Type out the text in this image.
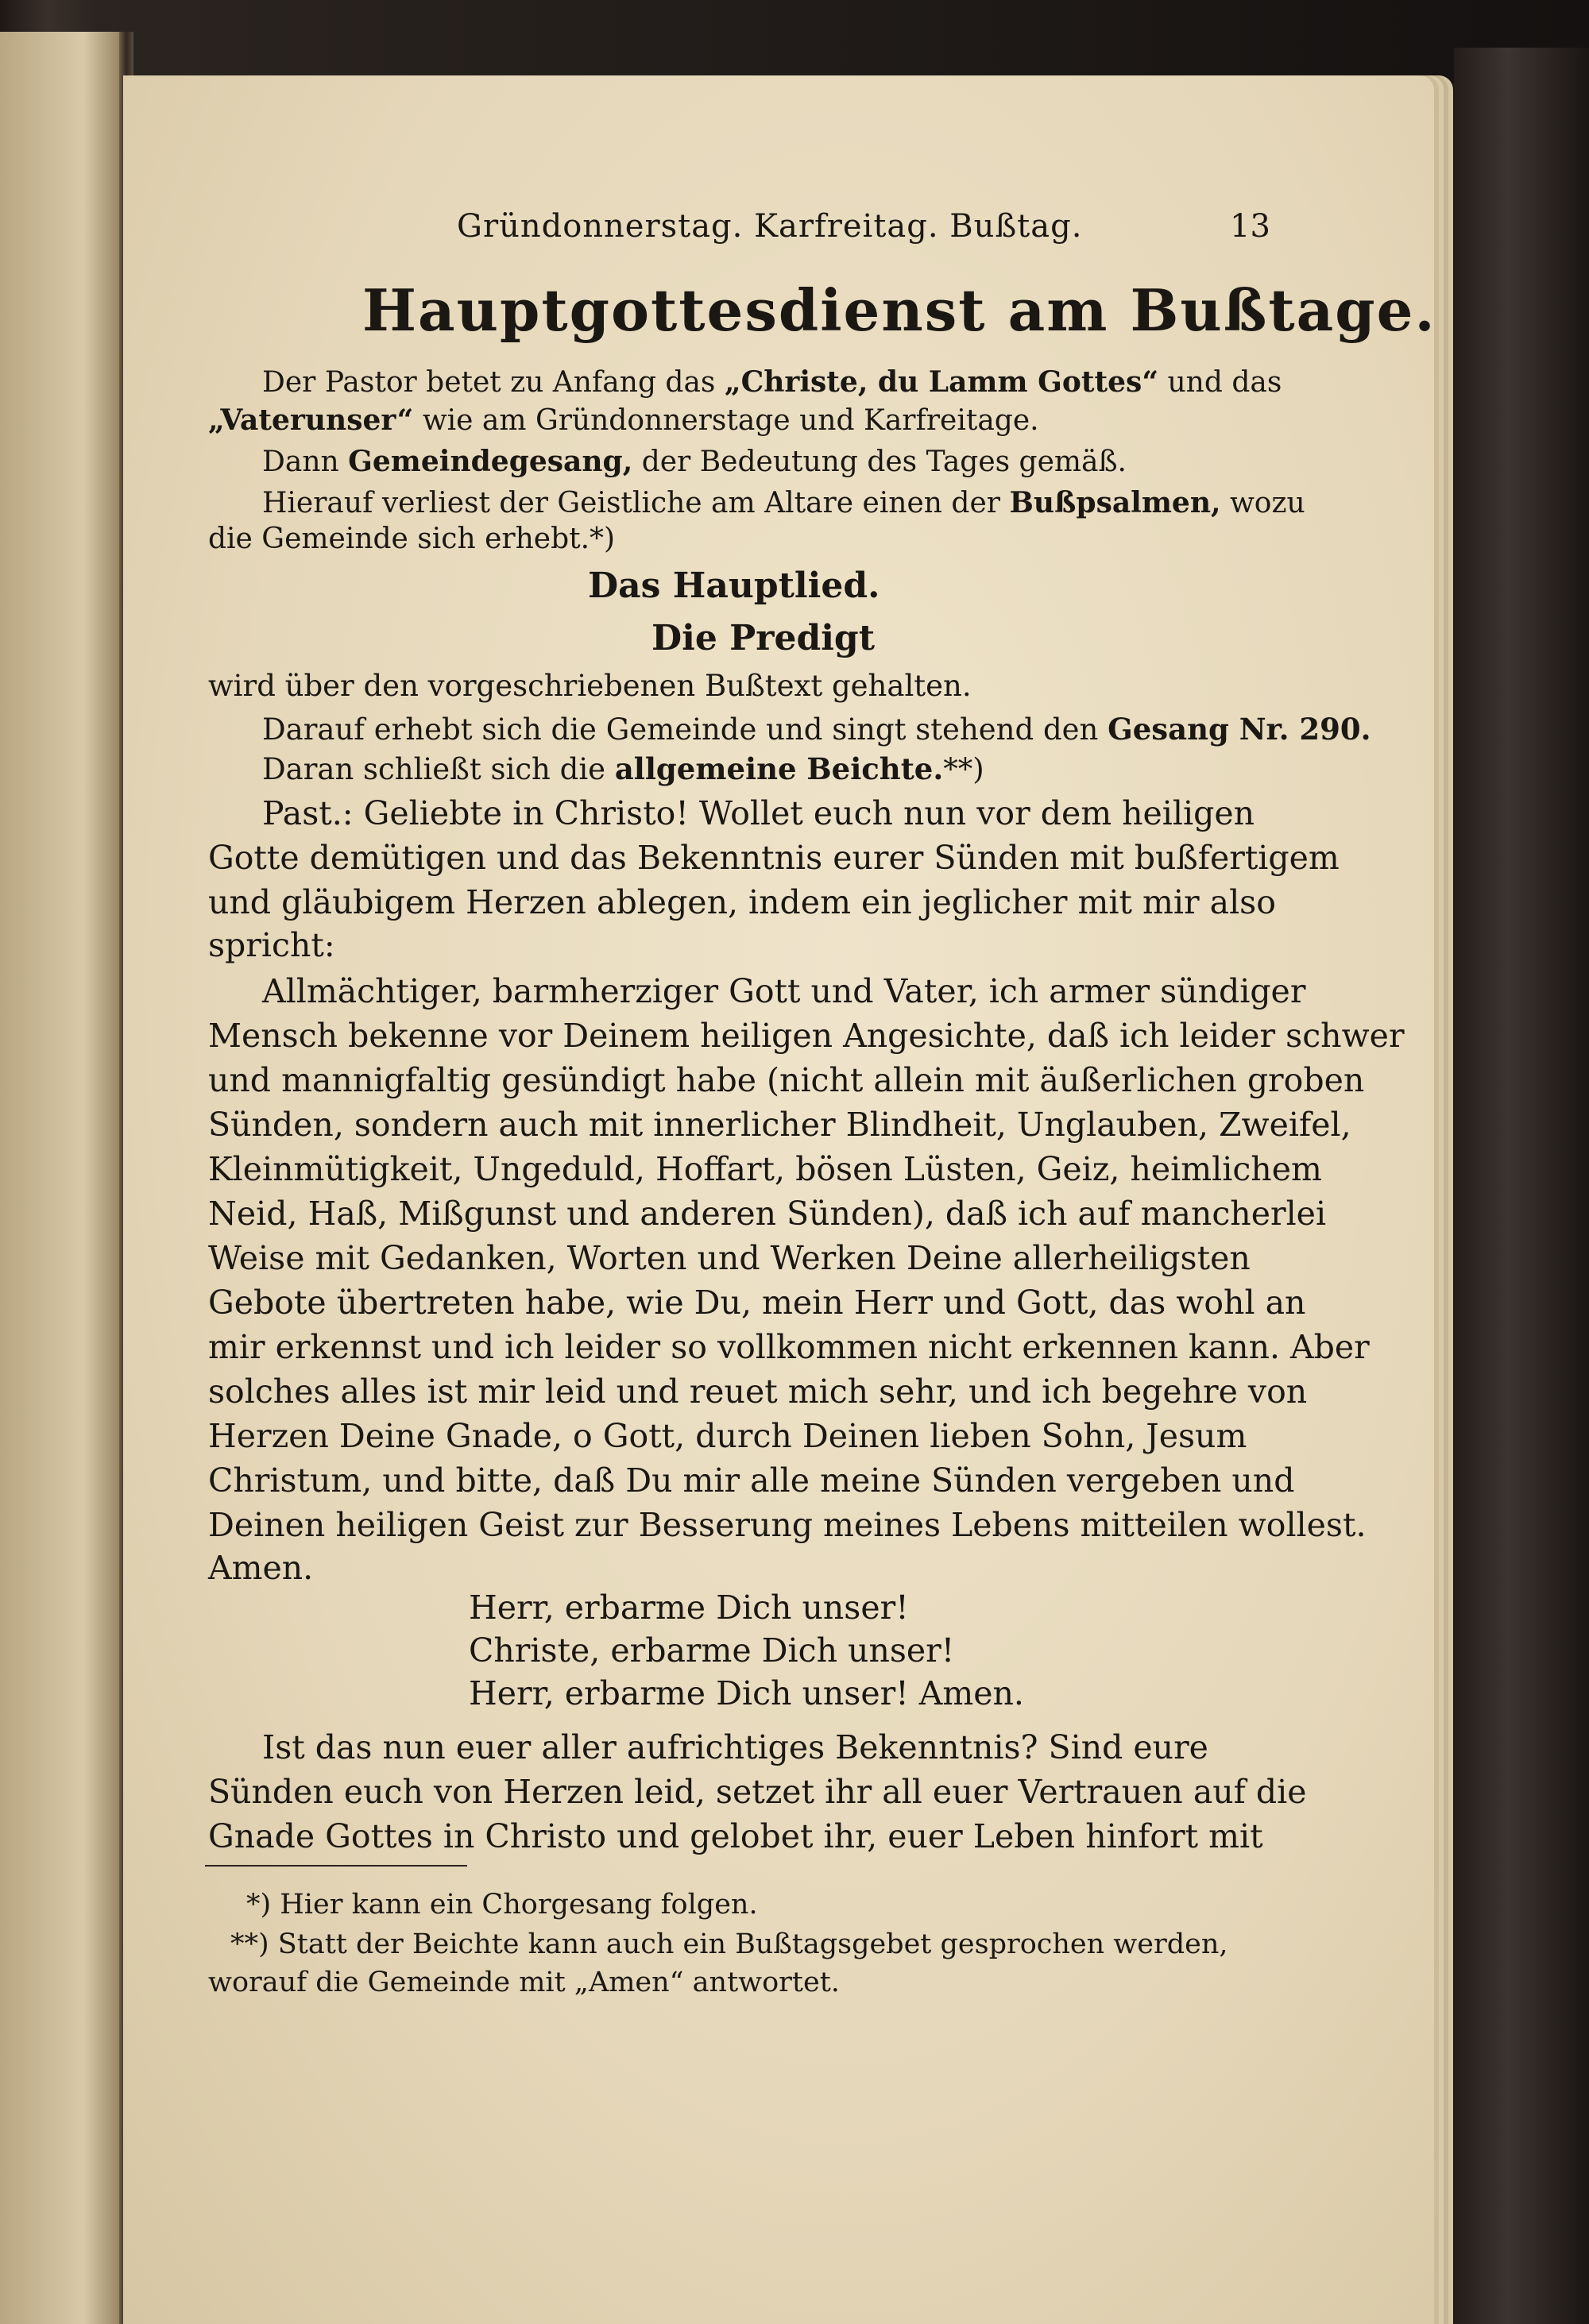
Gründonnerstag. Karfreitag. Bußtag.	13
Hauptgottesdienst am Bußtage.
Der Pastor betet zu Anfang das „Christe, du Lamm Gottes“ und das
„Vaterunser“ wie am Gründonnerstage und Karfreitage.
Dann Gemeindegesang, der Bedeutung des Tages gemäß.
Hierauf verliest der Geistliche am Altare einen der Bußpsalmen, wozu
die Gemeinde sich erhebt.*)
Das Hauptlied.
Die Predigt
wird über den vorgeschriebenen Bußtext gehalten.
Darauf erhebt sich die Gemeinde und singt stehend den Gesang Nr. 290.
Daran schließt sich die allgemeine Beichte.**)
Past.: Geliebte in Christo! Wollet euch nun vor dem heiligen
Gotte demütigen und das Bekenntnis eurer Sünden mit bußfertigem
und gläubigem Herzen ablegen, indem ein jeglicher mit mir also
spricht:
Allmächtiger, barmherziger Gott und Vater, ich armer sündiger
Mensch bekenne vor Deinem heiligen Angesichte, daß ich leider schwer
und mannigfaltig gesündigt habe (nicht allein mit äußerlichen groben
Sünden, sondern auch mit innerlicher Blindheit, Unglauben, Zweifel,
Kleinmütigkeit, Ungeduld, Hoffart, bösen Lüsten, Geiz, heimlichem
Neid, Haß, Mißgunst und anderen Sünden), daß ich auf mancherlei
Weise mit Gedanken, Worten und Werken Deine allerheiligsten
Gebote übertreten habe, wie Du, mein Herr und Gott, das wohl an
mir erkennst und ich leider so vollkommen nicht erkennen kann. Aber
solches alles ist mir leid und reuet mich sehr, und ich begehre von
Herzen Deine Gnade, o Gott, durch Deinen lieben Sohn, Jesum
Christum, und bitte, daß Du mir alle meine Sünden vergeben und
Deinen heiligen Geist zur Besserung meines Lebens mitteilen wollest.
Amen.
Herr, erbarme Dich unser!
Christe, erbarme Dich unser!
Herr, erbarme Dich unser! Amen.
Ist das nun euer aller aufrichtiges Bekenntnis? Sind eure
Sünden euch von Herzen leid, setzet ihr all euer Vertrauen auf die
Gnade Gottes in Christo und gelobet ihr, euer Leben hinfort mit
*) Hier kann ein Chorgesang folgen.
**) Statt der Beichte kann auch ein Bußtagsgebet gesprochen werden,
worauf die Gemeinde mit „Amen“ antwortet.
